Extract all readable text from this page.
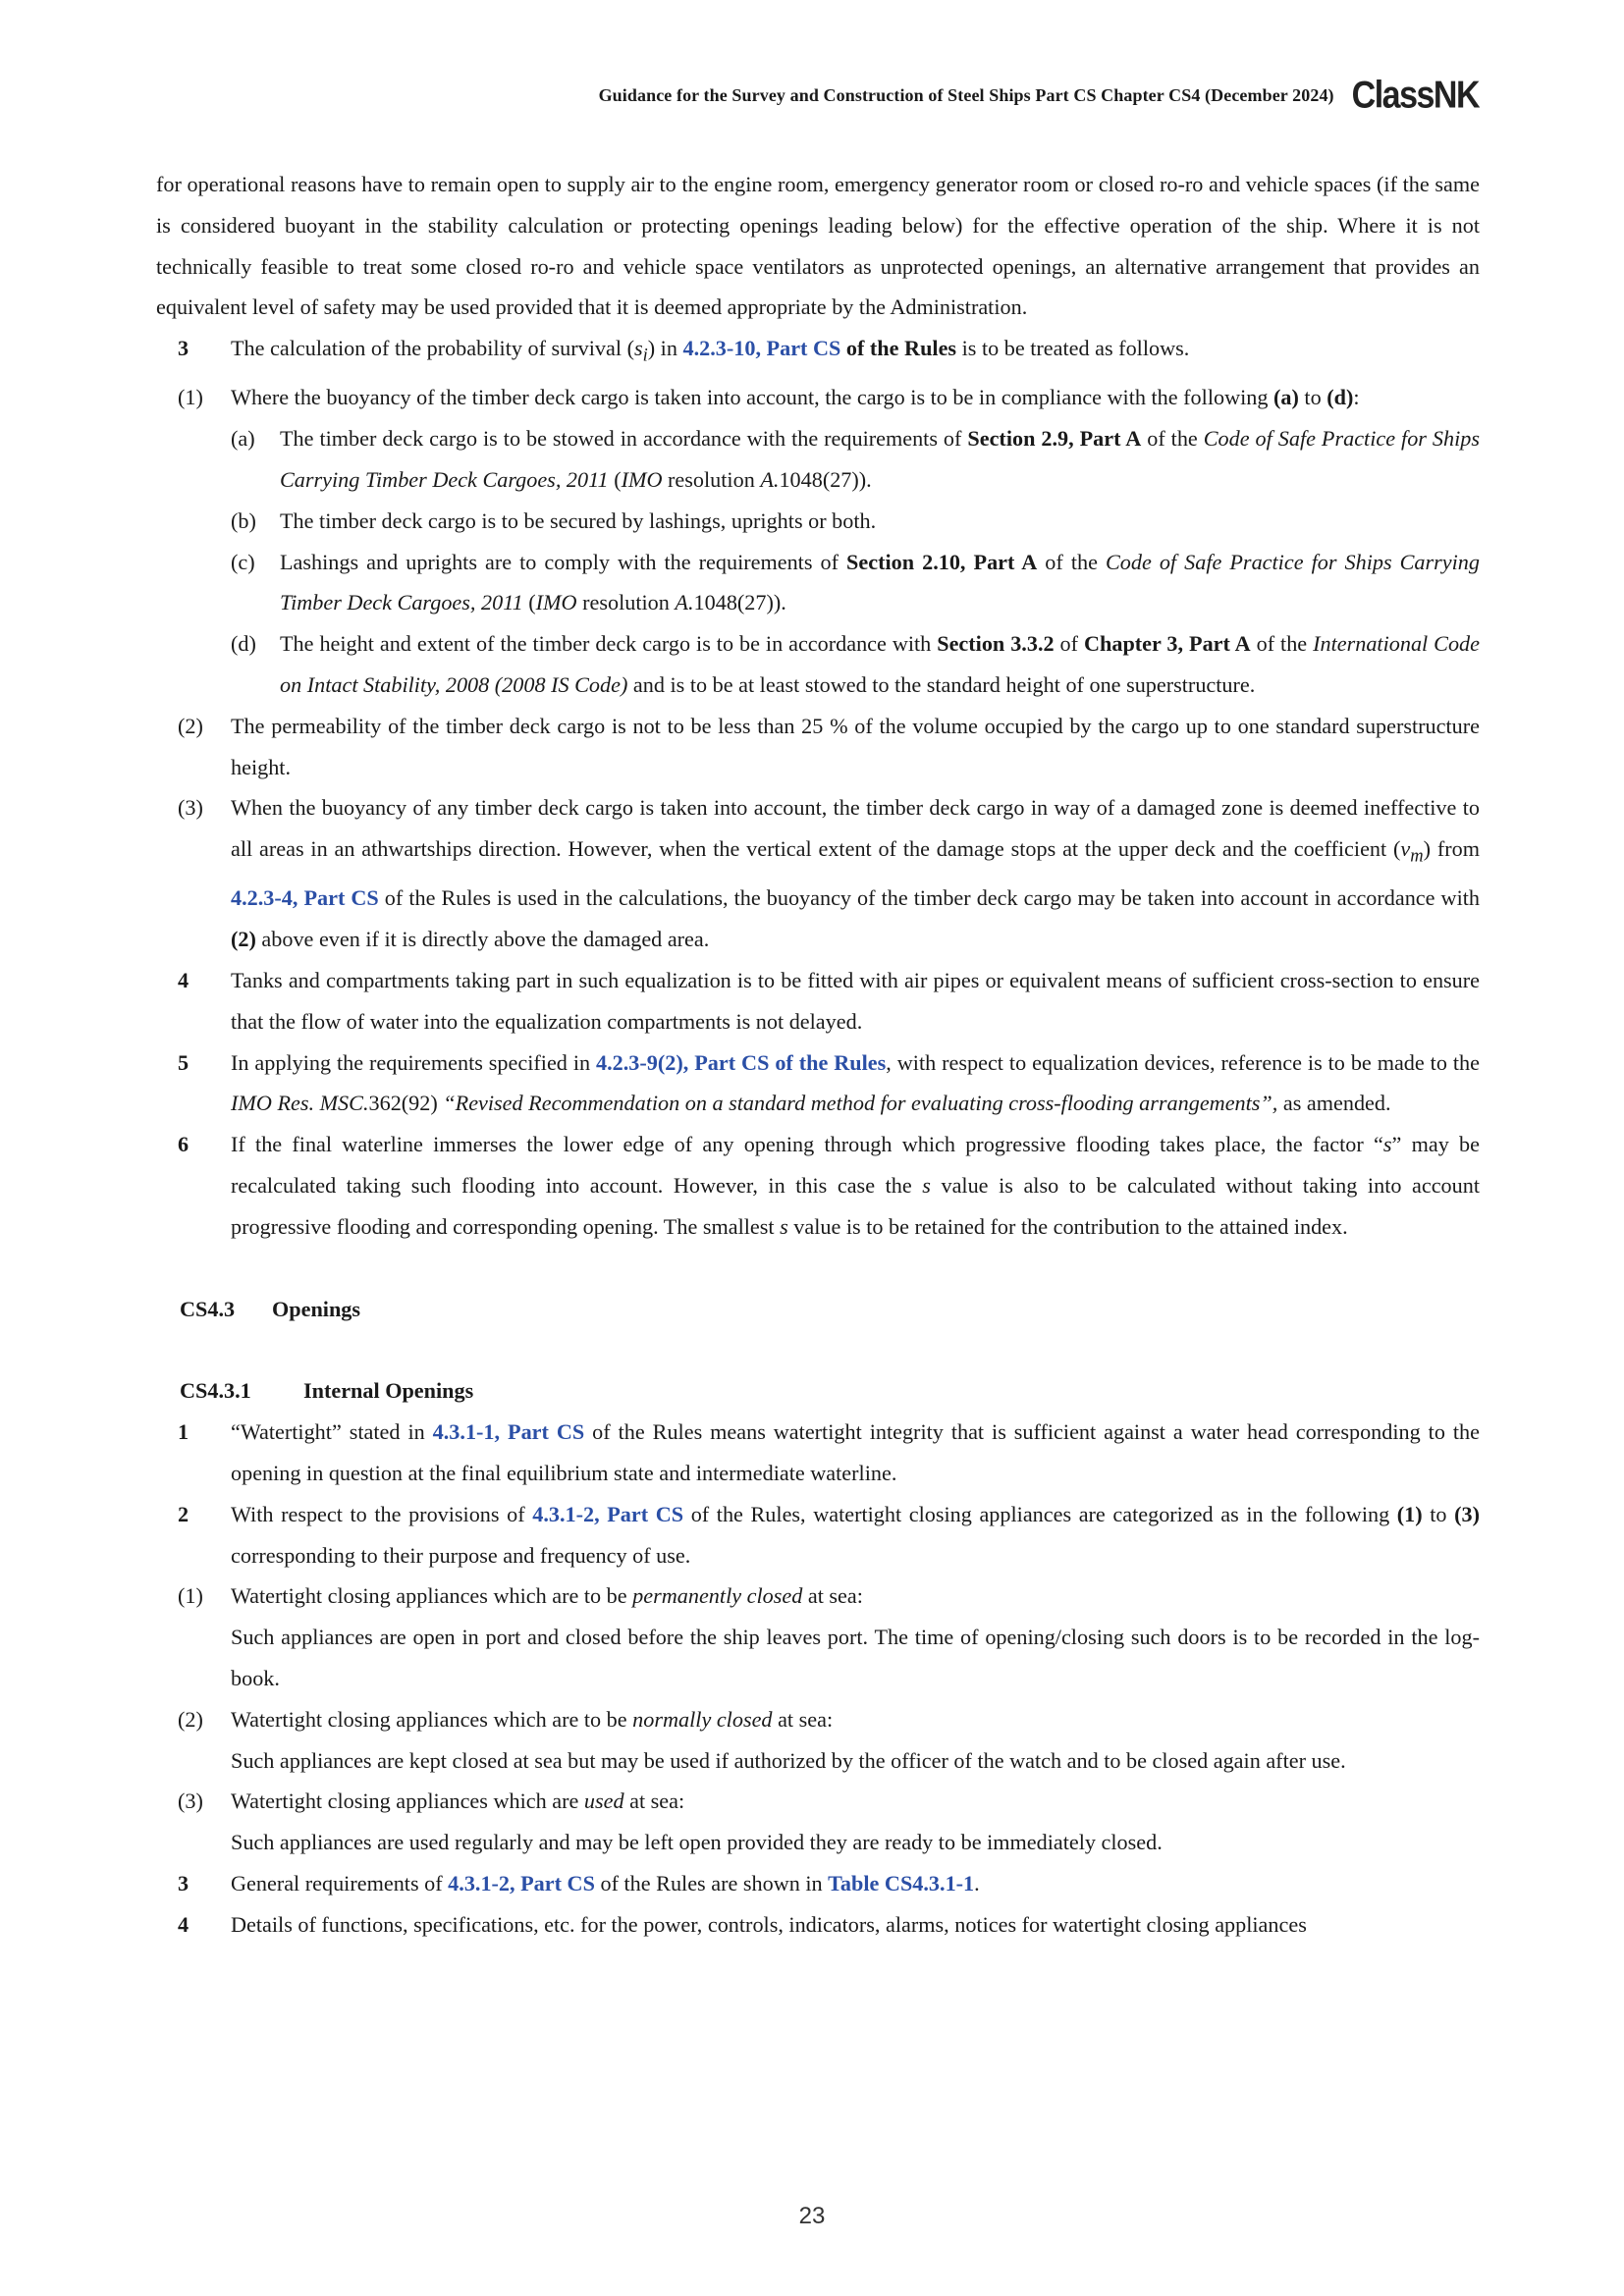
Guidance for the Survey and Construction of Steel Ships Part CS Chapter CS4 (December 2024) ClassNK

for operational reasons have to remain open to supply air to the engine room, emergency generator room or closed ro-ro and vehicle spaces (if the same is considered buoyant in the stability calculation or protecting openings leading below) for the effective operation of the ship. Where it is not technically feasible to treat some closed ro-ro and vehicle space ventilators as unprotected openings, an alternative arrangement that provides an equivalent level of safety may be used provided that it is deemed appropriate by the Administration.

3 The calculation of the probability of survival $(s_i)$ in 4.2.3-10, Part CS of the Rules is to be treated as follows.

(1) Where the buoyancy of the timber deck cargo is taken into account, the cargo is to be in compliance with the following (a) to (d):

(a) The timber deck cargo is to be stowed in accordance with the requirements of Section 2.9, Part A of the Code of Safe Practice for Ships Carrying Timber Deck Cargoes, 2011 (IMO resolution A.1048(27)).

(b) The timber deck cargo is to be secured by lashings, uprights or both.

(c) Lashings and uprights are to comply with the requirements of Section 2.10, Part A of the Code of Safe Practice for Ships Carrying Timber Deck Cargoes, 2011 (IMO resolution A.1048(27)).

(d) The height and extent of the timber deck cargo is to be in accordance with Section 3.3.2 of Chapter 3, Part A of the International Code on Intact Stability, 2008 (2008 IS Code) and is to be at least stowed to the standard height of one superstructure.

(2) The permeability of the timber deck cargo is not to be less than 25 % of the volume occupied by the cargo up to one standard superstructure height.

(3) When the buoyancy of any timber deck cargo is taken into account, the timber deck cargo in way of a damaged zone is deemed ineffective to all areas in an athwartships direction. However, when the vertical extent of the damage stops at the upper deck and the coefficient $(v_m)$ from 4.2.3-4, Part CS of the Rules is used in the calculations, the buoyancy of the timber deck cargo may be taken into account in accordance with (2) above even if it is directly above the damaged area.

4 Tanks and compartments taking part in such equalization is to be fitted with air pipes or equivalent means of sufficient cross-section to ensure that the flow of water into the equalization compartments is not delayed.

5 In applying the requirements specified in 4.2.3-9(2), Part CS of the Rules, with respect to equalization devices, reference is to be made to the IMO Res. MSC.362(92) “Revised Recommendation on a standard method for evaluating cross-flooding arrangements”, as amended.

6 If the final waterline immerses the lower edge of any opening through which progressive flooding takes place, the factor “s” may be recalculated taking such flooding into account. However, in this case the s value is also to be calculated without taking into account progressive flooding and corresponding opening. The smallest s value is to be retained for the contribution to the attained index.

CS4.3 Openings

CS4.3.1 Internal Openings

1 “Watertight” stated in 4.3.1-1, Part CS of the Rules means watertight integrity that is sufficient against a water head corresponding to the opening in question at the final equilibrium state and intermediate waterline.

2 With respect to the provisions of 4.3.1-2, Part CS of the Rules, watertight closing appliances are categorized as in the following (1) to (3) corresponding to their purpose and frequency of use.

(1) Watertight closing appliances which are to be permanently closed at sea:

Such appliances are open in port and closed before the ship leaves port. The time of opening/closing such doors is to be recorded in the log-book.

(2) Watertight closing appliances which are to be normally closed at sea:

Such appliances are kept closed at sea but may be used if authorized by the officer of the watch and to be closed again after use.

(3) Watertight closing appliances which are used at sea:

Such appliances are used regularly and may be left open provided they are ready to be immediately closed.

3 General requirements of 4.3.1-2, Part CS of the Rules are shown in Table CS4.3.1-1.

4 Details of functions, specifications, etc. for the power, controls, indicators, alarms, notices for watertight closing appliances

23
